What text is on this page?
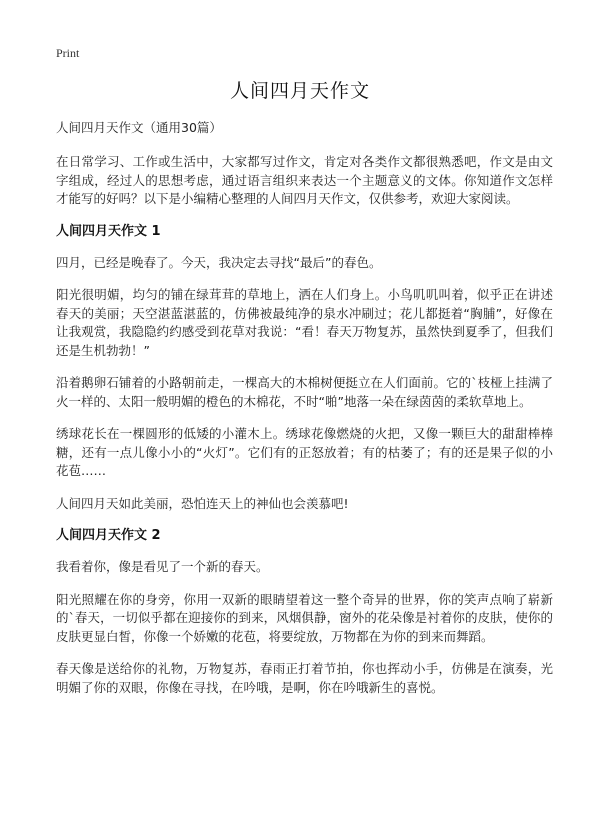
Print
人间四月天作文

人间四月天作文（通用30篇）

在日常学习、工作或生活中，大家都写过作文，肯定对各类作文都很熟悉吧，作文是由文字组成，经过人的思想考虑，通过语言组织来表达一个主题意义的文体。你知道作文怎样才能写的好吗？以下是小编精心整理的人间四月天作文，仅供参考，欢迎大家阅读。

人间四月天作文 1

四月，已经是晚春了。今天，我决定去寻找“最后”的春色。

阳光很明媚，均匀的铺在绿茸茸的草地上，洒在人们身上。小鸟叽叽叫着，似乎正在讲述春天的美丽；天空湛蓝湛蓝的，仿佛被最纯净的泉水冲刷过；花儿都挺着“胸脯”，好像在让我观赏，我隐隐约约感受到花草对我说：“看！春天万物复苏，虽然快到夏季了，但我们还是生机勃勃！”

沿着鹅卵石铺着的小路朝前走，一棵高大的木棉树便挺立在人们面前。它的`枝桠上挂满了火一样的、太阳一般明媚的橙色的木棉花，不时“啪”地落一朵在绿茵茵的柔软草地上。

绣球花长在一棵圆形的低矮的小灌木上。绣球花像燃烧的火把，又像一颗巨大的甜甜棒棒糖，还有一点儿像小小的“火灯”。它们有的正怒放着；有的枯萎了；有的还是果子似的小花苞……

人间四月天如此美丽，恐怕连天上的神仙也会羡慕吧!

人间四月天作文 2

我看着你，像是看见了一个新的春天。

阳光照耀在你的身旁，你用一双新的眼睛望着这一整个奇异的世界，你的笑声点响了崭新的`春天，一切似乎都在迎接你的到来，风烟俱静，窗外的花朵像是衬着你的皮肤，使你的皮肤更显白皙，你像一个娇嫩的花苞，将要绽放，万物都在为你的到来而舞蹈。

春天像是送给你的礼物，万物复苏，春雨正打着节拍，你也挥动小手，仿佛是在演奏，光明媚了你的双眼，你像在寻找，在吟哦，是啊，你在吟哦新生的喜悦。
